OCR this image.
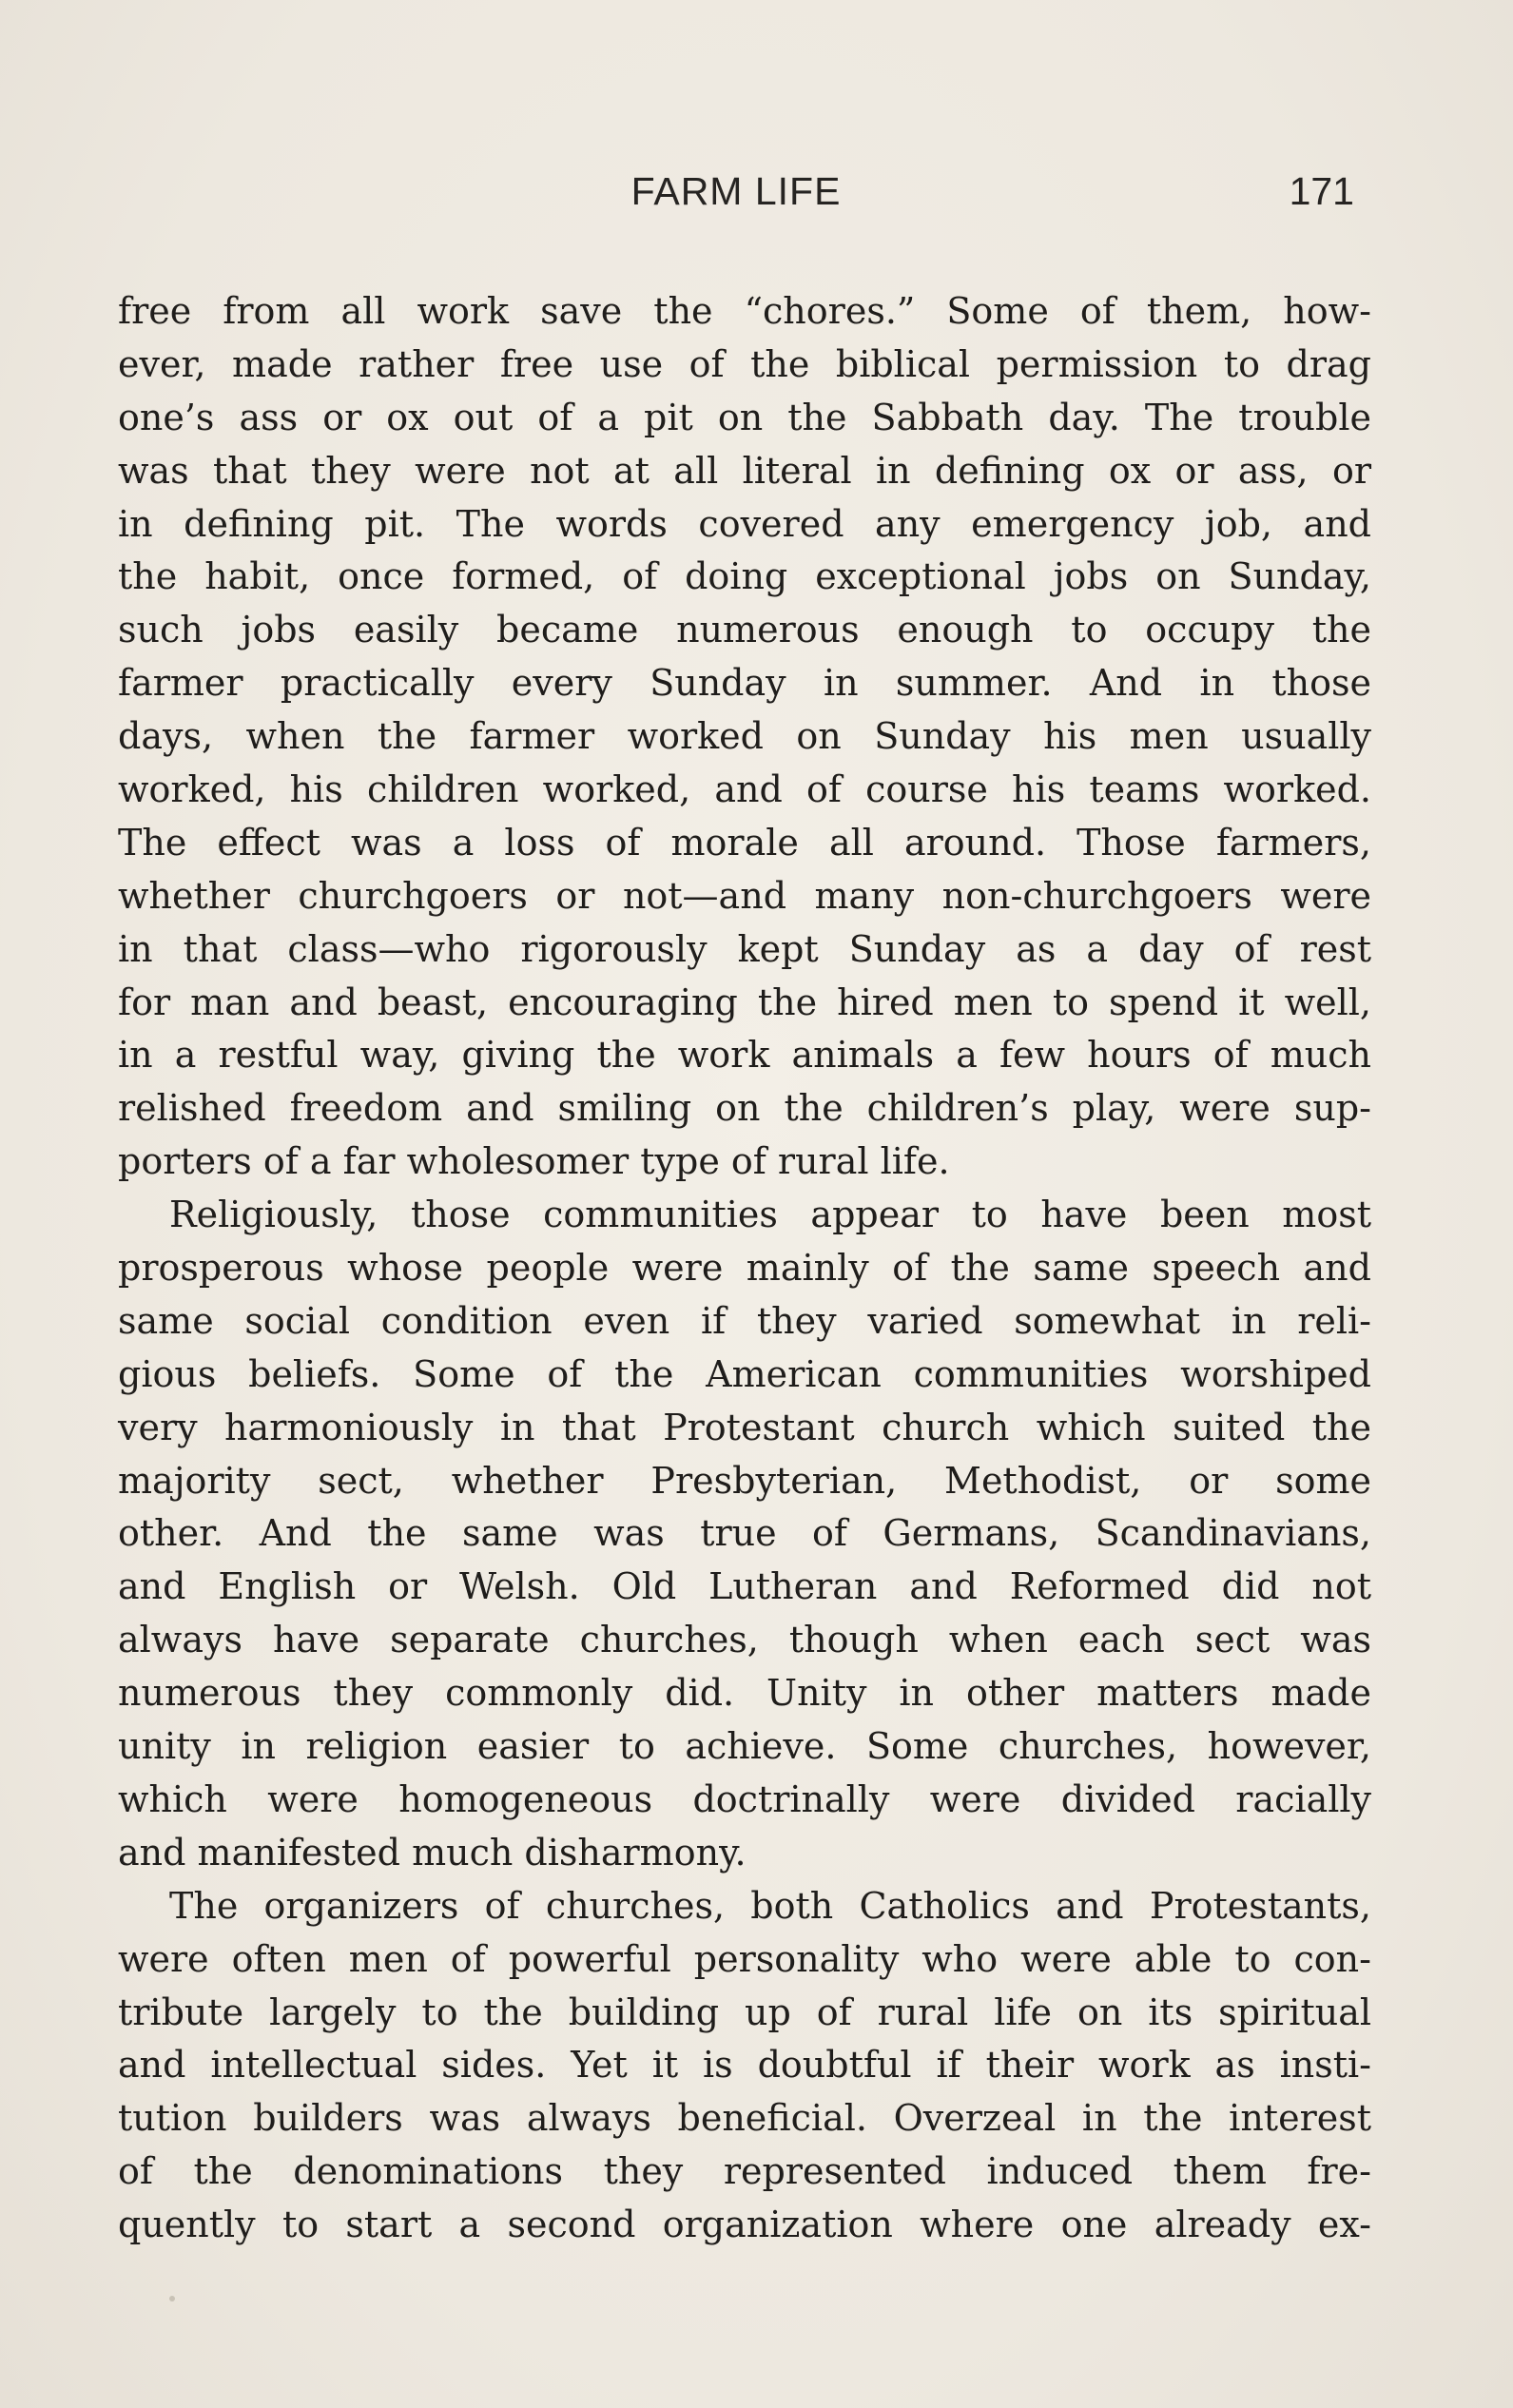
FARM LIFE	171
free from all work save the “chores.” Some of them, how-
ever, made rather free use of the biblical permission to drag
one’s ass or ox out of a pit on the Sabbath day. The trouble
was that they were not at all literal in defining ox or ass, or
in defining pit. The words covered any emergency job, and
the habit, once formed, of doing exceptional jobs on Sunday,
such jobs easily became numerous enough to occupy the
farmer practically every Sunday in summer. And in those
days, when the farmer worked on Sunday his men usually
worked, his children worked, and of course his teams worked.
The effect was a loss of morale all around. Those farmers,
whether churchgoers or not—and many non-churchgoers were
in that class—who rigorously kept Sunday as a day of rest
for man and beast, encouraging the hired men to spend it well,
in a restful way, giving the work animals a few hours of much
relished freedom and smiling on the children’s play, were sup-
porters of a far wholesomer type of rural life.
Religiously, those communities appear to have been most
prosperous whose people were mainly of the same speech and
same social condition even if they varied somewhat in reli-
gious beliefs. Some of the American communities worshiped
very harmoniously in that Protestant church which suited the
majority sect, whether Presbyterian, Methodist, or some
other. And the same was true of Germans, Scandinavians,
and English or Welsh. Old Lutheran and Reformed did not
always have separate churches, though when each sect was
numerous they commonly did. Unity in other matters made
unity in religion easier to achieve. Some churches, however,
which were homogeneous doctrinally were divided racially
and manifested much disharmony.
The organizers of churches, both Catholics and Protestants,
were often men of powerful personality who were able to con-
tribute largely to the building up of rural life on its spiritual
and intellectual sides. Yet it is doubtful if their work as insti-
tution builders was always beneficial. Overzeal in the interest
of the denominations they represented induced them fre-
quently to start a second organization where one already ex-
